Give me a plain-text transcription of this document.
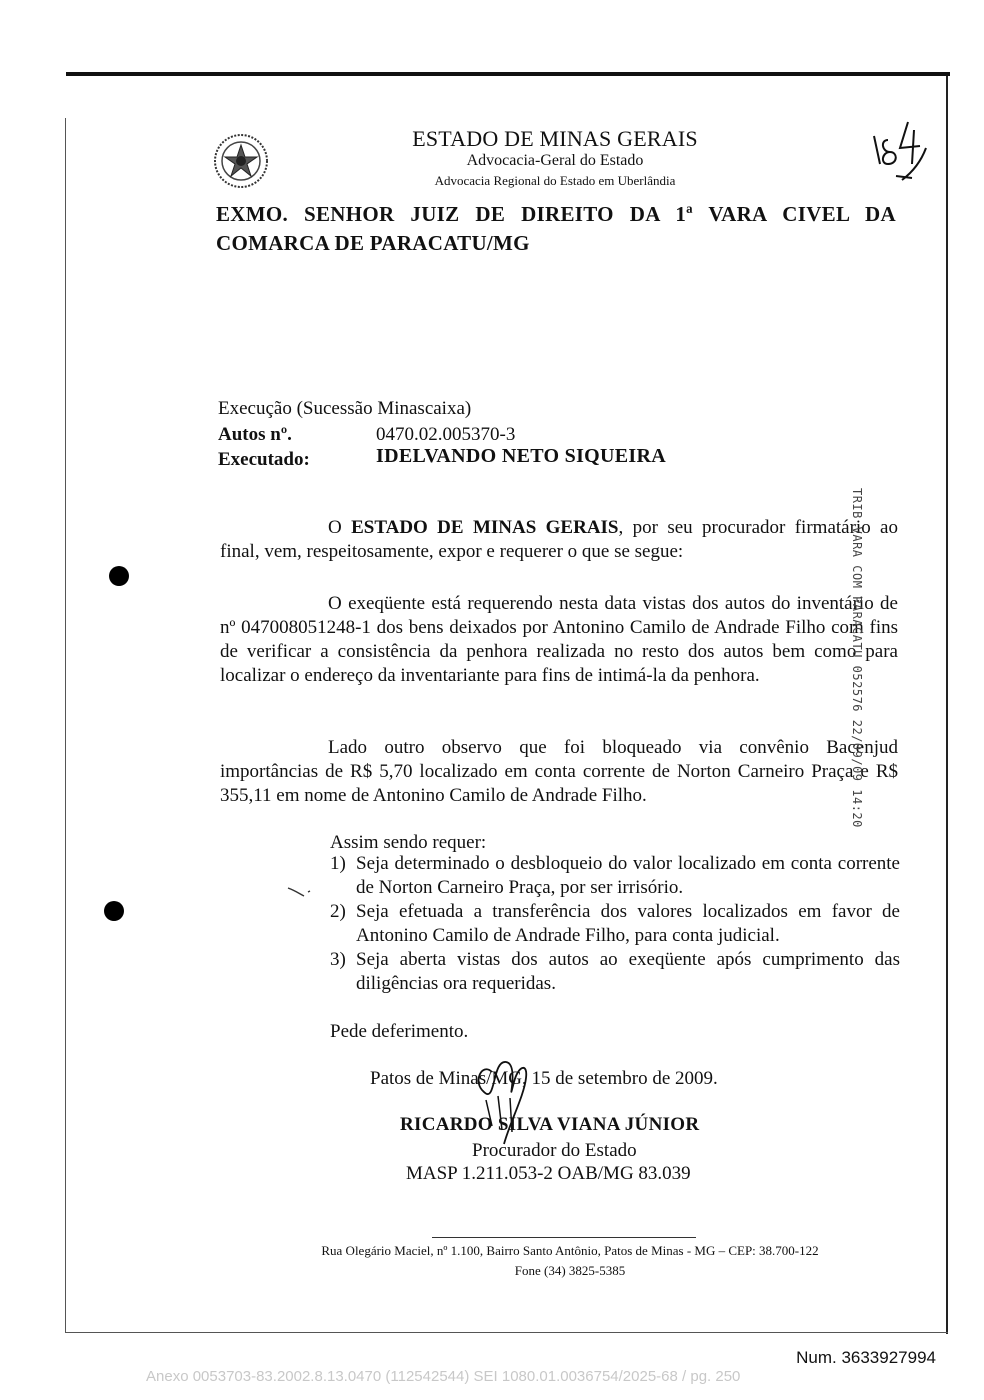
ESTADO DE MINAS GERAIS
Advocacia-Geral do Estado
Advocacia Regional do Estado em Uberlândia
EXMO. SENHOR JUIZ DE DIREITO DA 1ª VARA CIVEL DA COMARCA DE PARACATU/MG
Execução (Sucessão Minascaixa)
Autos nº.	0470.02.005370-3
Executado:	IDELVANDO NETO SIQUEIRA
O ESTADO DE MINAS GERAIS, por seu procurador firmatário ao final, vem, respeitosamente, expor e requerer o que se segue:
O exeqüente está requerendo nesta data vistas dos autos do inventário de nº 047008051248-1 dos bens deixados por Antonino Camilo de Andrade Filho com fins de verificar a consistência da penhora realizada no resto dos autos bem como para localizar o endereço da inventariante para fins de intimá-la da penhora.
Lado outro observo que foi bloqueado via convênio Bacenjud importâncias de R$ 5,70 localizado em conta corrente de Norton Carneiro Praça e R$ 355,11 em nome de Antonino Camilo de Andrade Filho.
Assim sendo requer:
1) Seja determinado o desbloqueio do valor localizado em conta corrente de Norton Carneiro Praça, por ser irrisório.
2) Seja efetuada a transferência dos valores localizados em favor de Antonino Camilo de Andrade Filho, para conta judicial.
3) Seja aberta vistas dos autos ao exeqüente após cumprimento das diligências ora requeridas.
Pede deferimento.
Patos de Minas/MG, 15 de setembro de 2009.
RICARDO SILVA VIANA JÚNIOR
Procurador do Estado
MASP 1.211.053-2 OAB/MG 83.039
Rua Olegário Maciel, nº 1.100, Bairro Santo Antônio, Patos de Minas - MG – CEP: 38.700-122
Fone (34) 3825-5385
TRIB VARA COM PARACATU 052576 22/09/09 14:20
Num. 3633927994
Anexo 0053703-83.2002.8.13.0470 (112542544) SEI 1080.01.0036754/2025-68 / pg. 250
